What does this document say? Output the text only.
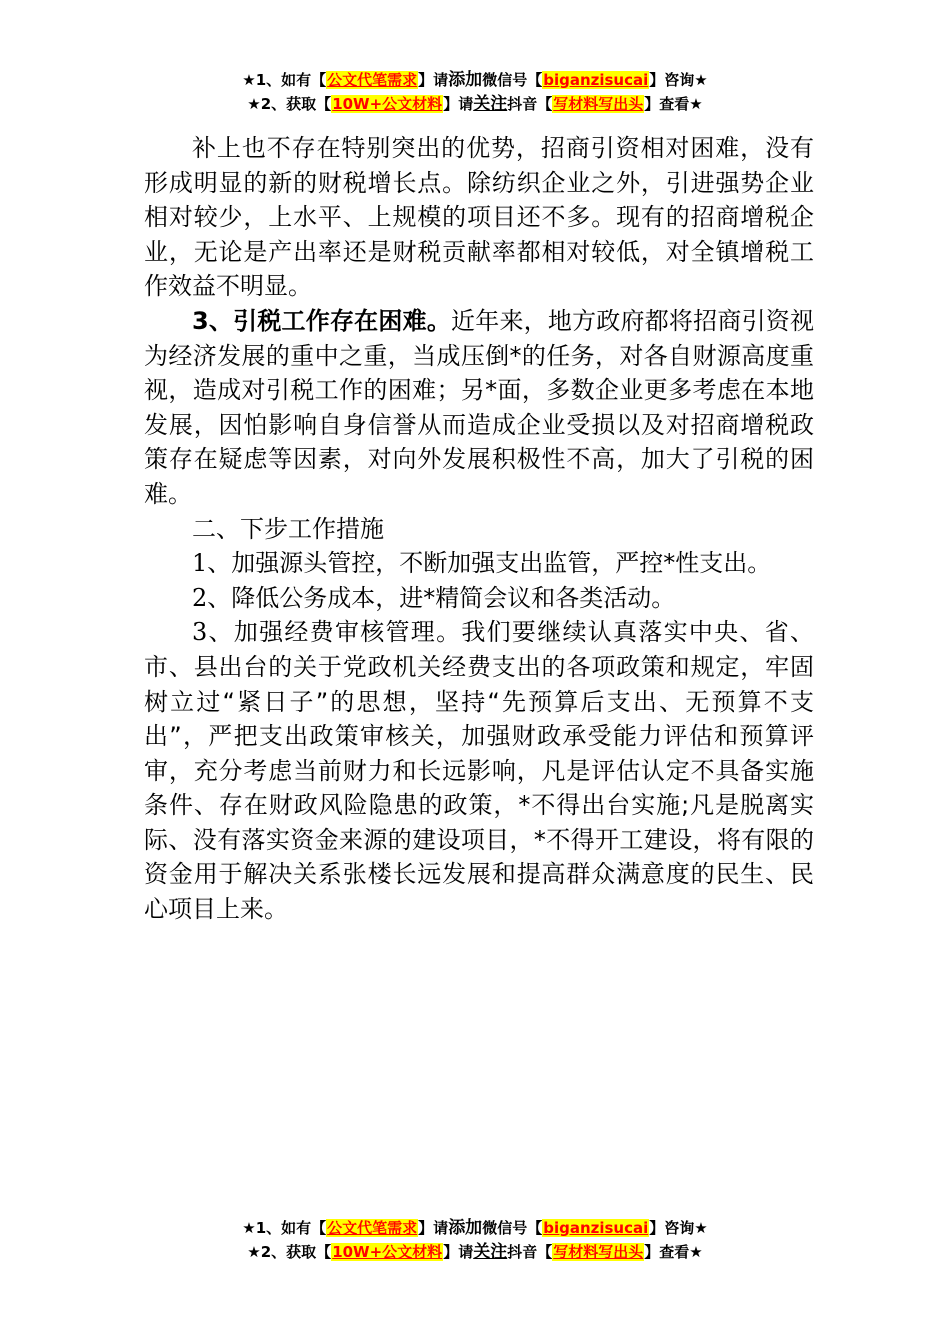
★1、如有【公文代笔需求】请添加微信号【biganzisucai】咨询★
★2、获取【10W+公文材料】请关注抖音【写材料写出头】查看★

补上也不存在特别突出的优势，招商引资相对困难，没有形成明显的新的财税增长点。除纺织企业之外，引进强势企业相对较少，上水平、上规模的项目还不多。现有的招商增税企业，无论是产出率还是财税贡献率都相对较低，对全镇增税工作效益不明显。

3、引税工作存在困难。近年来，地方政府都将招商引资视为经济发展的重中之重，当成压倒*的任务，对各自财源高度重视，造成对引税工作的困难；另*面，多数企业更多考虑在本地发展，因怕影响自身信誉从而造成企业受损以及对招商增税政策存在疑虑等因素，对向外发展积极性不高，加大了引税的困难。

二、下步工作措施

1、加强源头管控，不断加强支出监管，严控*性支出。

2、降低公务成本，进*精简会议和各类活动。

3、加强经费审核管理。我们要继续认真落实中央、省、市、县出台的关于党政机关经费支出的各项政策和规定，牢固树立过“紧日子”的思想，坚持“先预算后支出、无预算不支出”，严把支出政策审核关，加强财政承受能力评估和预算评审，充分考虑当前财力和长远影响，凡是评估认定不具备实施条件、存在财政风险隐患的政策，*不得出台实施;凡是脱离实际、没有落实资金来源的建设项目，*不得开工建设，将有限的资金用于解决关系张楼长远发展和提高群众满意度的民生、民心项目上来。

★1、如有【公文代笔需求】请添加微信号【biganzisucai】咨询★
★2、获取【10W+公文材料】请关注抖音【写材料写出头】查看★
